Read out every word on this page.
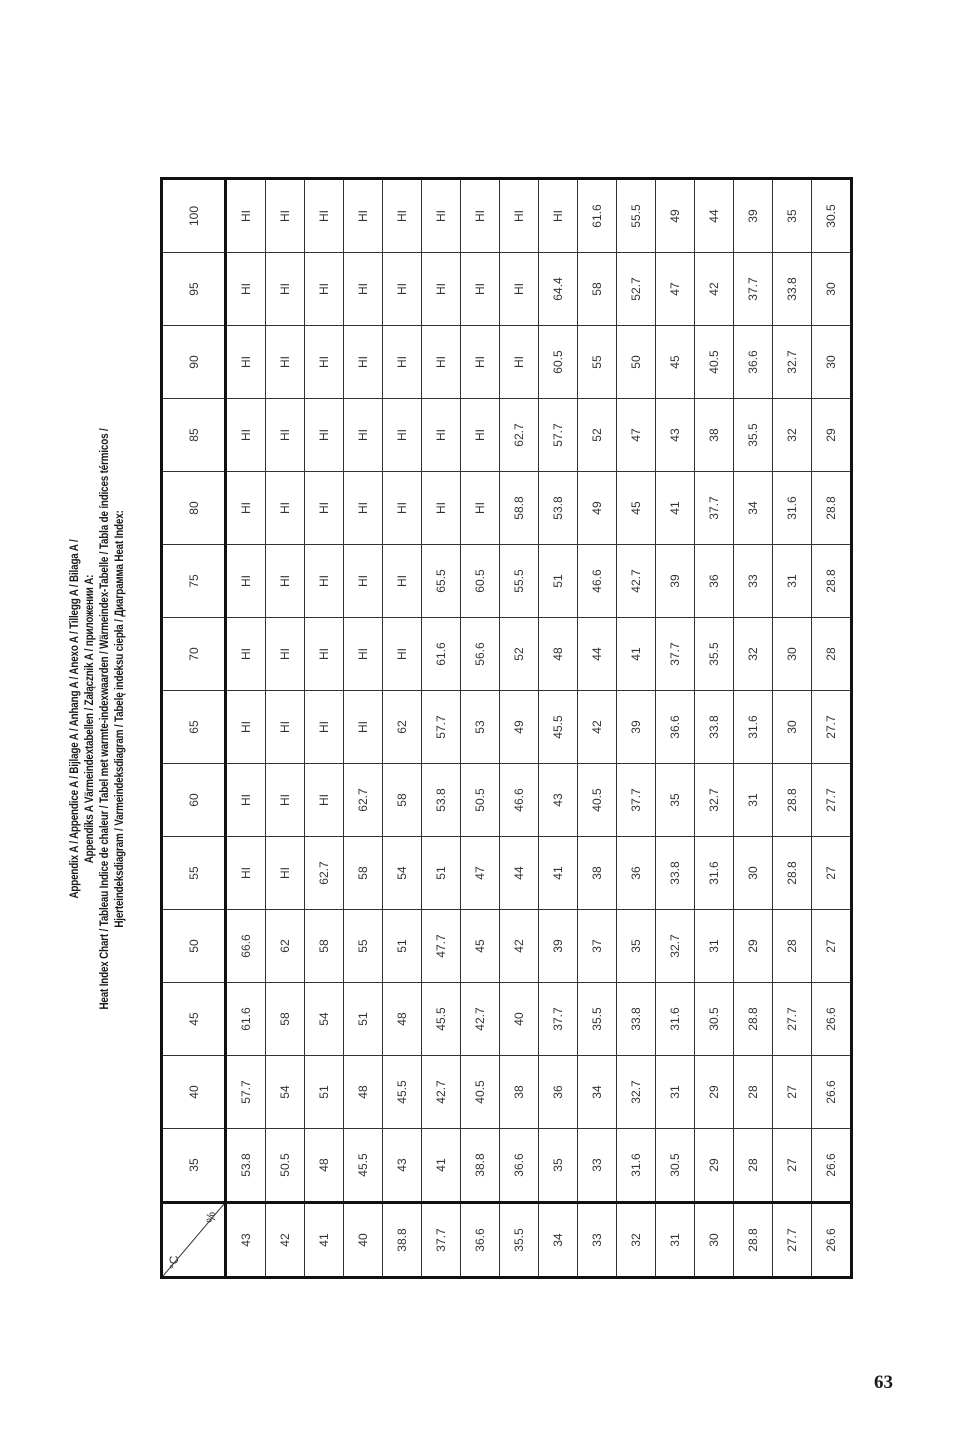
Appendix A / Appendice A / Bijlage A / Anhang A / Anexo A / Tillegg A / Bilaga A / Appendiks A Värmeindextabellen / Załącznik A / приложении A: Heat Index Chart / Tableau Indice de chaleur / Tabel met warmte-indexwaarden / Wärmeindex-Tabelle / Tabla de índices térmicos / Hjerteindeksdiagram / Varmeindeksdiagram / Tabelę indeksu ciepła / Диаграмма Heat Index:
°C
%	35	40	45	50	55	60	65	70	75	80	85	90	95	100
43	53.8	57.7	61.6	66.6	HI	HI	HI	HI	HI	HI	HI	HI	HI	HI
42	50.5	54	58	62	HI	HI	HI	HI	HI	HI	HI	HI	HI	HI
41	48	51	54	58	62.7	HI	HI	HI	HI	HI	HI	HI	HI	HI
40	45.5	48	51	55	58	62.7	HI	HI	HI	HI	HI	HI	HI	HI
38.8	43	45.5	48	51	54	58	62	HI	HI	HI	HI	HI	HI	HI
37.7	41	42.7	45.5	47.7	51	53.8	57.7	61.6	65.5	HI	HI	HI	HI	HI
36.6	38.8	40.5	42.7	45	47	50.5	53	56.6	60.5	HI	HI	HI	HI	HI
35.5	36.6	38	40	42	44	46.6	49	52	55.5	58.8	62.7	HI	HI	HI
34	35	36	37.7	39	41	43	45.5	48	51	53.8	57.7	60.5	64.4	HI
33	33	34	35.5	37	38	40.5	42	44	46.6	49	52	55	58	61.6
32	31.6	32.7	33.8	35	36	37.7	39	41	42.7	45	47	50	52.7	55.5
31	30.5	31	31.6	32.7	33.8	35	36.6	37.7	39	41	43	45	47	49
30	29	29	30.5	31	31.6	32.7	33.8	35.5	36	37.7	38	40.5	42	44
28.8	28	28	28.8	29	30	31	31.6	32	33	34	35.5	36.6	37.7	39
27.7	27	27	27.7	28	28.8	28.8	30	30	31	31.6	32	32.7	33.8	35
26.6	26.6	26.6	26.6	27	27	27.7	27.7	28	28.8	28.8	29	30	30	30.5
63
